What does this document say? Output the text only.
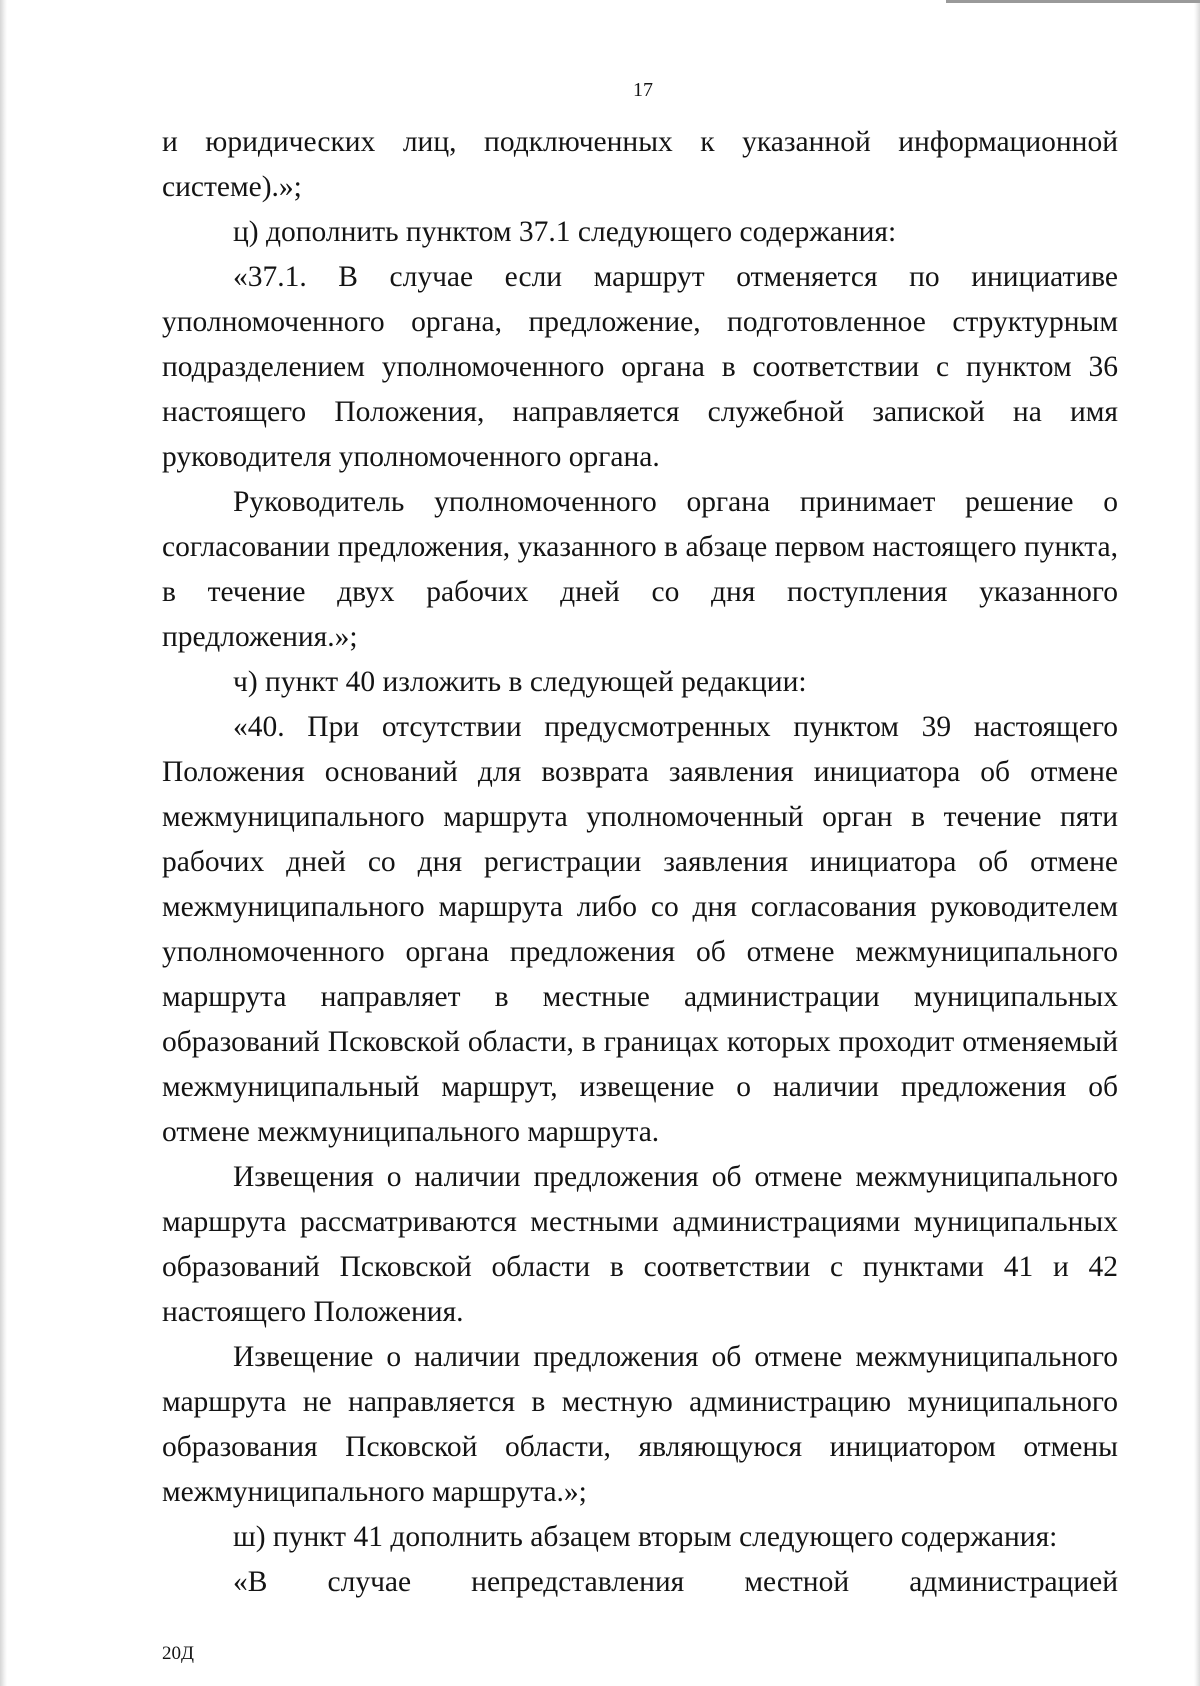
17

и юридических лиц, подключенных к указанной информационной системе).»;

ц) дополнить пунктом 37.1 следующего содержания:

«37.1. В случае если маршрут отменяется по инициативе уполномоченного органа, предложение, подготовленное структурным подразделением уполномоченного органа в соответствии с пунктом 36 настоящего Положения, направляется служебной запиской на имя руководителя уполномоченного органа.

Руководитель уполномоченного органа принимает решение о согласовании предложения, указанного в абзаце первом настоящего пункта, в течение двух рабочих дней со дня поступления указанного предложения.»;

ч) пункт 40 изложить в следующей редакции:

«40. При отсутствии предусмотренных пунктом 39 настоящего Положения оснований для возврата заявления инициатора об отмене межмуниципального маршрута уполномоченный орган в течение пяти рабочих дней со дня регистрации заявления инициатора об отмене межмуниципального маршрута либо со дня согласования руководителем уполномоченного органа предложения об отмене межмуниципального маршрута направляет в местные администрации муниципальных образований Псковской области, в границах которых проходит отменяемый межмуниципальный маршрут, извещение о наличии предложения об отмене межмуниципального маршрута.

Извещения о наличии предложения об отмене межмуниципального маршрута рассматриваются местными администрациями муниципальных образований Псковской области в соответствии с пунктами 41 и 42 настоящего Положения.

Извещение о наличии предложения об отмене межмуниципального маршрута не направляется в местную администрацию муниципального образования Псковской области, являющуюся инициатором отмены межмуниципального маршрута.»;

ш) пункт 41 дополнить абзацем вторым следующего содержания:

«В случае непредставления местной администрацией

20Д
